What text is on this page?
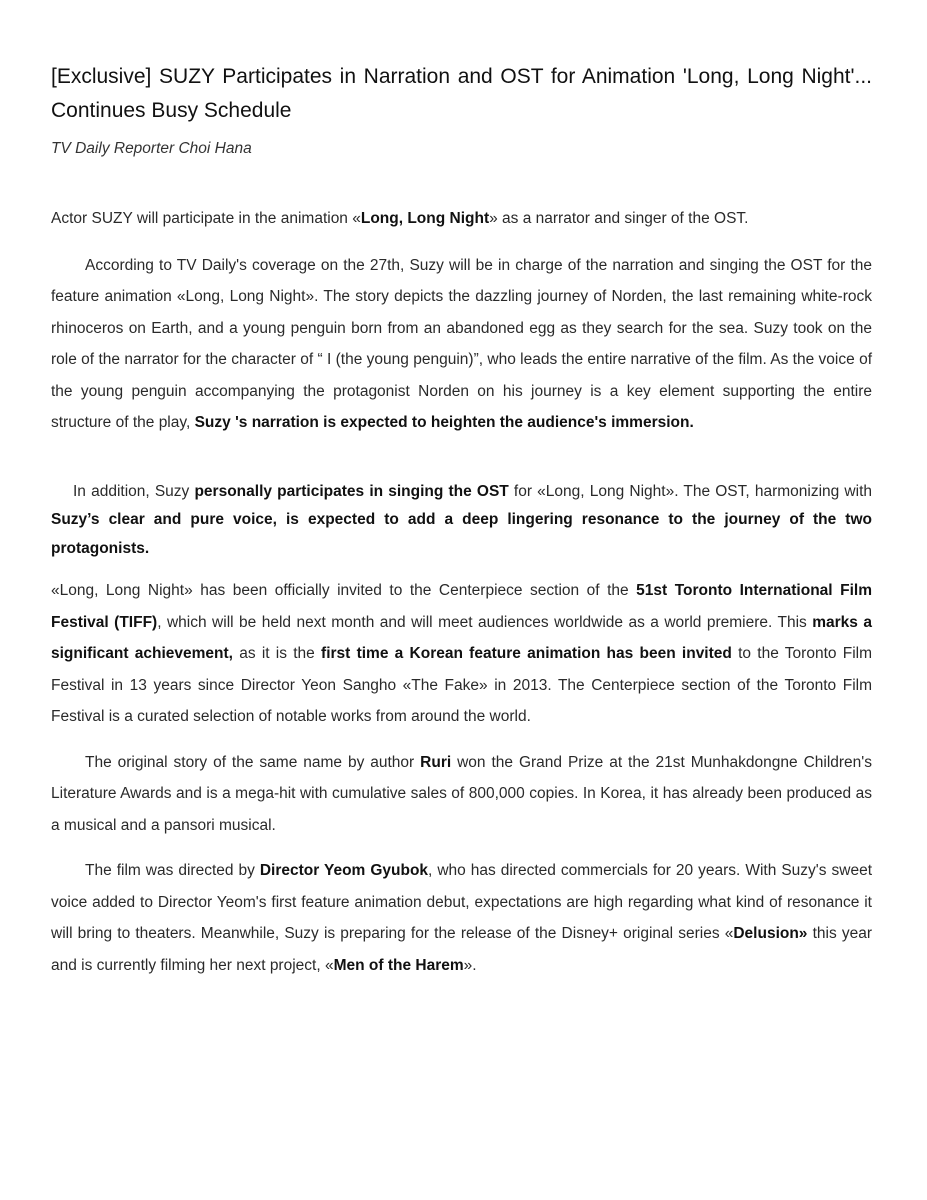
[Exclusive] SUZY Participates in Narration and OST for Animation 'Long, Long Night'... Continues Busy Schedule

TV Daily Reporter Choi Hana

Actor SUZY will participate in the animation «Long, Long Night» as a narrator and singer of the OST.

According to TV Daily's coverage on the 27th, Suzy will be in charge of the narration and singing the OST for the feature animation «Long, Long Night». The story depicts the dazzling journey of Norden, the last remaining white-rock rhinoceros on Earth, and a young penguin born from an abandoned egg as they search for the sea. Suzy took on the role of the narrator for the character of “ I (the young penguin)”, who leads the entire narrative of the film. As the voice of the young penguin accompanying the protagonist Norden on his journey is a key element supporting the entire structure of the play, Suzy 's narration is expected to heighten the audience's immersion.

In addition, Suzy personally participates in singing the OST for «Long, Long Night». The OST, harmonizing with Suzy’s clear and pure voice, is expected to add a deep lingering resonance to the journey of the two protagonists.

«Long, Long Night» has been officially invited to the Centerpiece section of the 51st Toronto International Film Festival (TIFF), which will be held next month and will meet audiences worldwide as a world premiere. This marks a significant achievement, as it is the first time a Korean feature animation has been invited to the Toronto Film Festival in 13 years since Director Yeon Sangho «The Fake» in 2013. The Centerpiece section of the Toronto Film Festival is a curated selection of notable works from around the world.

The original story of the same name by author Ruri won the Grand Prize at the 21st Munhakdongne Children's Literature Awards and is a mega-hit with cumulative sales of 800,000 copies. In Korea, it has already been produced as a musical and a pansori musical.

The film was directed by Director Yeom Gyubok, who has directed commercials for 20 years. With Suzy's sweet voice added to Director Yeom's first feature animation debut, expectations are high regarding what kind of resonance it will bring to theaters. Meanwhile, Suzy is preparing for the release of the Disney+ original series «Delusion» this year and is currently filming her next project, «Men of the Harem».
